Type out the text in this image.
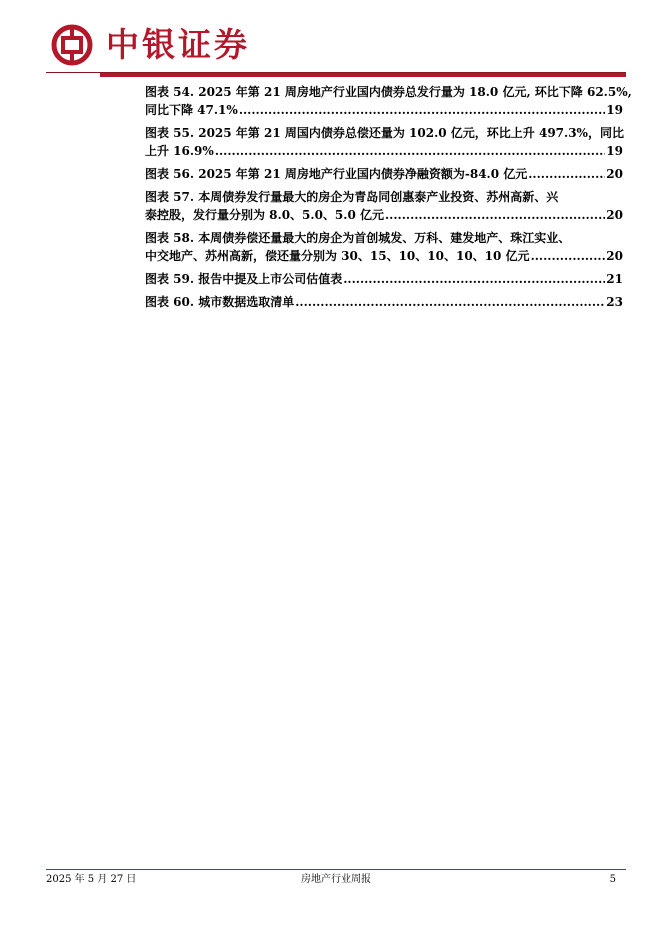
中银证券
图表 54. 2025 年第 21 周房地产行业国内债券总发行量为 18.0 亿元, 环比下降 62.5%,
同比下降 47.1% .....	19
图表 55. 2025 年第 21 周国内债券总偿还量为 102.0 亿元，环比上升 497.3%，同比
上升 16.9% .....	19
图表 56. 2025 年第 21 周房地产行业国内债券净融资额为-84.0 亿元 .....	20
图表 57. 本周债券发行量最大的房企为青岛同创惠泰产业投资、苏州高新、兴
泰控股，发行量分别为 8.0、5.0、5.0 亿元 .....	20
图表 58. 本周债券偿还量最大的房企为首创城发、万科、建发地产、珠江实业、
中交地产、苏州高新，偿还量分别为 30、15、10、10、10、10 亿元 .....	20
图表 59. 报告中提及上市公司估值表 .....	21
图表 60. 城市数据选取清单 .....	23
2025 年 5 月 27 日	房地产行业周报	5
